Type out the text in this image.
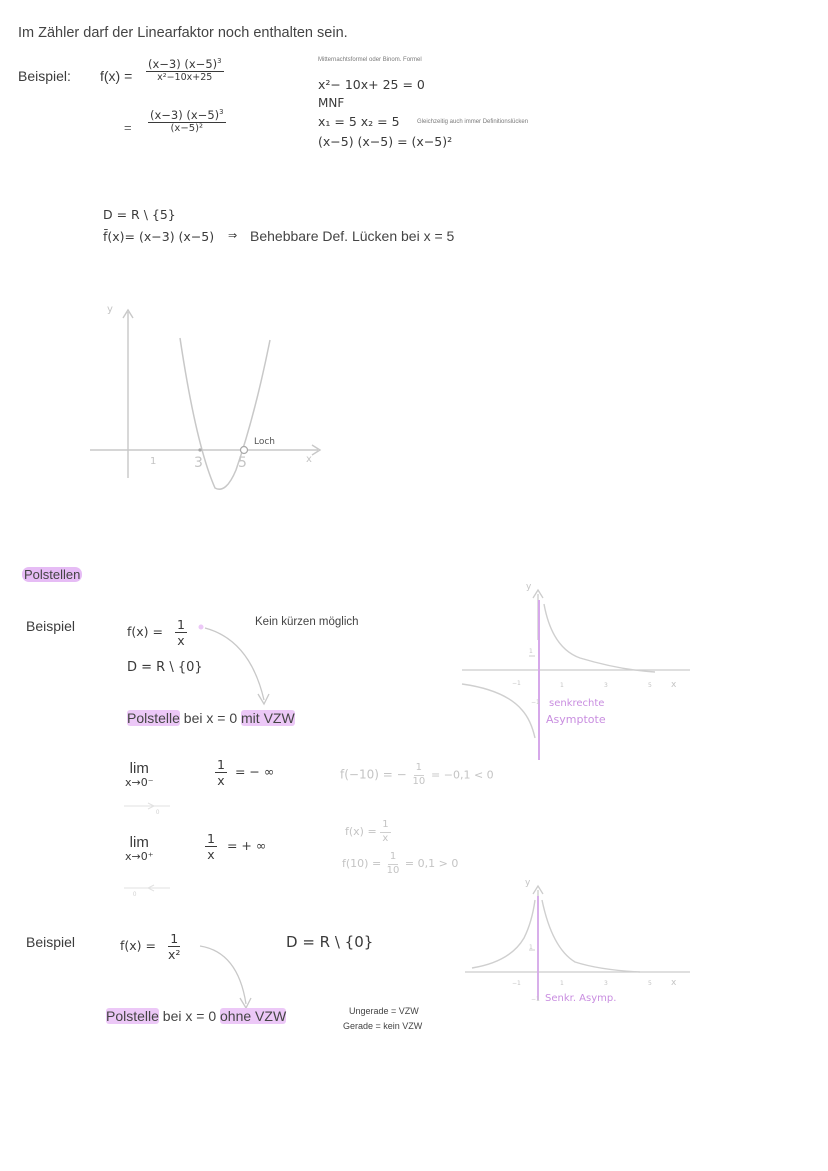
Im Zähler darf der Linearfaktor noch enthalten sein.
Beispiel: $f(x) = \frac{(x-3) (x-5)^3}{\text{x²−10x+25}}$
= $\frac{(x-3) (x-5)^3}{\text{(x−5)²}}$
Mitternachtsformel oder Binom. Formel
x²− 10x+ 25 = 0
MNF
x₁ = 5 x₂ = 5	Gleichzeitig auch immer Definitionslücken
(x−5) (x−5) = (x−5)²
D = R \ {5}
f̄(x)= (x−3) (x−5) ⇒ Behebbare Def. Lücken bei x = 5
y
x
1	3	5
Loch
Polstellen
Beispiel	$f(x) = \frac{1}{x}$	Kein kürzen möglich
D = R \ {0}
Polstelle bei x = 0 mit VZW
lim
x→0⁻	$\frac{1}{x}$ = − ∞
0
lim
x→0⁺	$\frac{1}{x}$ = + ∞
0
f(−10) = − $\frac{1}{10} = -0,1 < 0$
$f(x) = \frac{1}{x}$
$f(10) = \frac{1}{10} = 0,1 > 0$
y
x
1
−1
−1
1	3	5
senkrechte
Asymptote
Beispiel	$f(x) = \frac{1}{\text{x²}}$	D = R \ {0}
Polstelle bei x = 0 ohne VZW	Ungerade = VZW
Gerade = kein VZW
y
x
1
−1
−1
1	3	5
Senkr. Asymp.
